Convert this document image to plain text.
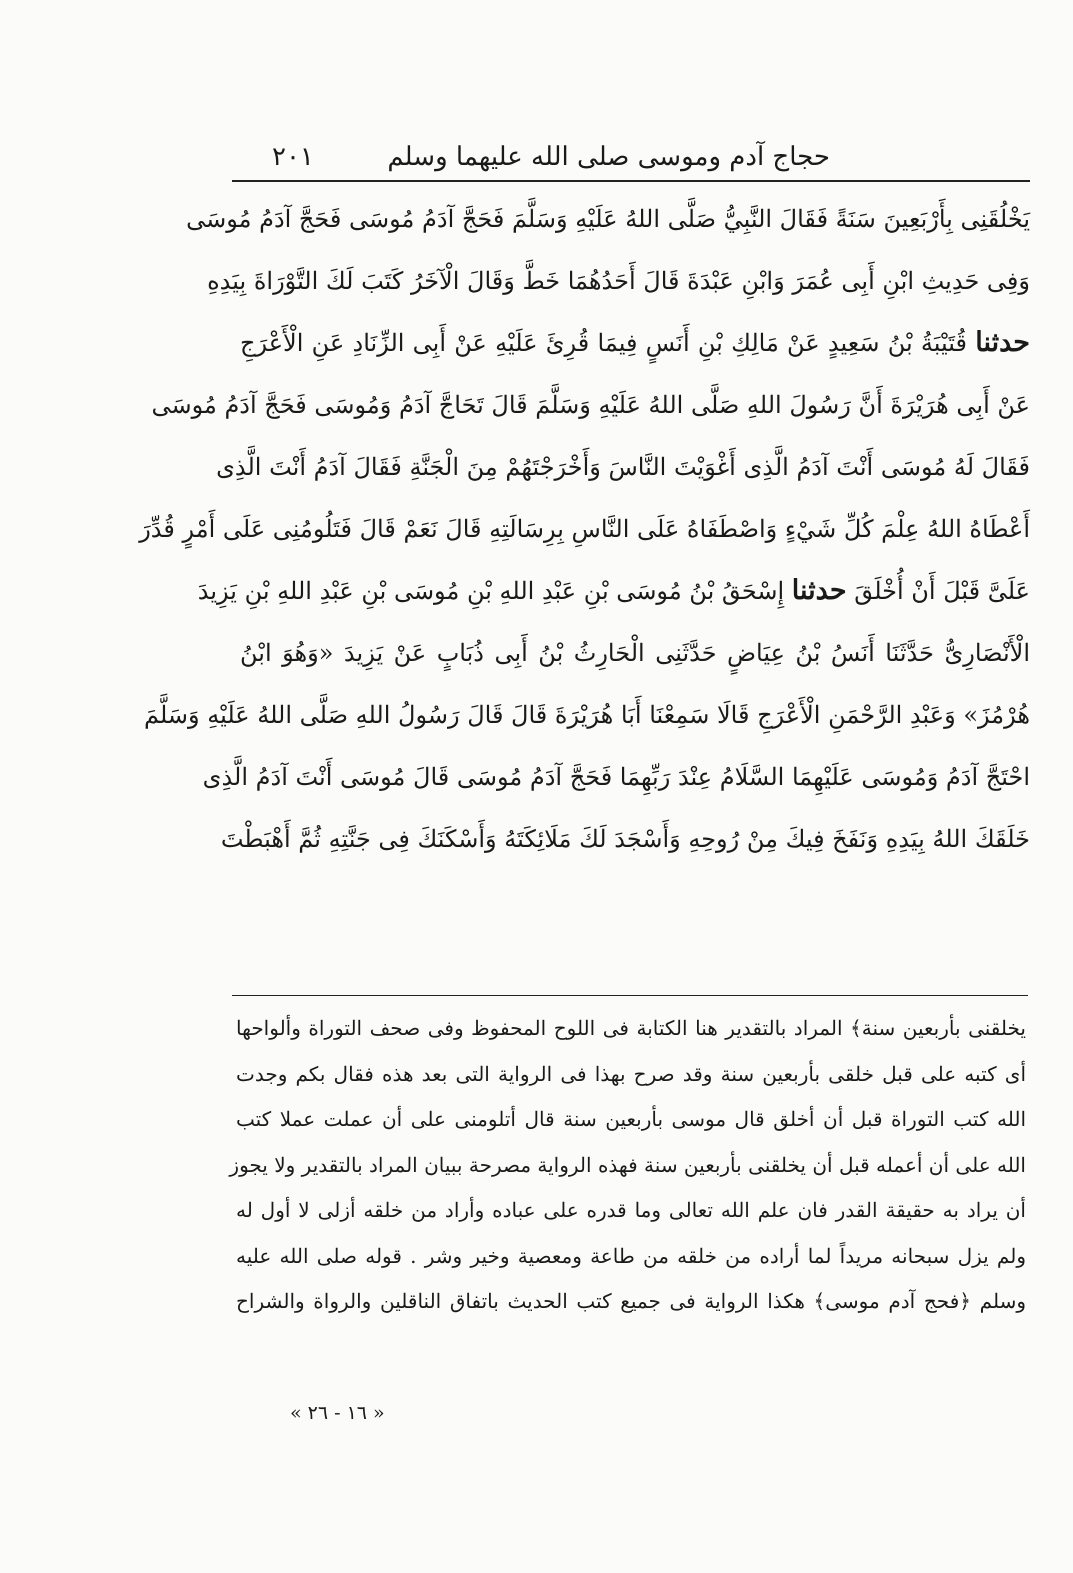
حجاج آدم وموسى صلى الله عليهما وسلم
٢٠١
يَخْلُقَنِى بِأَرْبَعِينَ سَنَةً فَقَالَ النَّبِيُّ صَلَّى اللهُ عَلَيْهِ وَسَلَّمَ فَحَجَّ آدَمُ مُوسَى فَحَجَّ آدَمُ مُوسَى
وَفِى حَدِيثِ ابْنِ أَبِى عُمَرَ وَابْنِ عَبْدَةَ قَالَ أَحَدُهُمَا خَطَّ وَقَالَ الْآخَرُ كَتَبَ لَكَ التَّوْرَاةَ بِيَدِهِ
حدثنا قُتَيْبَةُ بْنُ سَعِيدٍ عَنْ مَالِكِ بْنِ أَنَسٍ فِيمَا قُرِئَ عَلَيْهِ عَنْ أَبِى الزِّنَادِ عَنِ الْأَعْرَجِ
عَنْ أَبِى هُرَيْرَةَ أَنَّ رَسُولَ اللهِ صَلَّى اللهُ عَلَيْهِ وَسَلَّمَ قَالَ تَحَاجَّ آدَمُ وَمُوسَى فَحَجَّ آدَمُ مُوسَى
فَقَالَ لَهُ مُوسَى أَنْتَ آدَمُ الَّذِى أَغْوَيْتَ النَّاسَ وَأَخْرَجْتَهُمْ مِنَ الْجَنَّةِ فَقَالَ آدَمُ أَنْتَ الَّذِى
أَعْطَاهُ اللهُ عِلْمَ كُلِّ شَيْءٍ وَاصْطَفَاهُ عَلَى النَّاسِ بِرِسَالَتِهِ قَالَ نَعَمْ قَالَ فَتَلُومُنِى عَلَى أَمْرٍ قُدِّرَ
عَلَىَّ قَبْلَ أَنْ أُخْلَقَ حدثنا إِسْحَقُ بْنُ مُوسَى بْنِ عَبْدِ اللهِ بْنِ مُوسَى بْنِ عَبْدِ اللهِ بْنِ يَزِيدَ
الْأَنْصَارِىُّ حَدَّثَنَا أَنَسُ بْنُ عِيَاضٍ حَدَّثَنِى الْحَارِثُ بْنُ أَبِى ذُبَابٍ عَنْ يَزِيدَ «وَهُوَ ابْنُ
هُرْمُزَ» وَعَبْدِ الرَّحْمَنِ الْأَعْرَجِ قَالَا سَمِعْنَا أَبَا هُرَيْرَةَ قَالَ قَالَ رَسُولُ اللهِ صَلَّى اللهُ عَلَيْهِ وَسَلَّمَ
احْتَجَّ آدَمُ وَمُوسَى عَلَيْهِمَا السَّلَامُ عِنْدَ رَبِّهِمَا فَحَجَّ آدَمُ مُوسَى قَالَ مُوسَى أَنْتَ آدَمُ الَّذِى
خَلَقَكَ اللهُ بِيَدِهِ وَنَفَخَ فِيكَ مِنْ رُوحِهِ وَأَسْجَدَ لَكَ مَلَائِكَتَهُ وَأَسْكَنَكَ فِى جَنَّتِهِ ثُمَّ أَهْبَطْتَ
يخلقنى بأربعين سنة﴾ المراد بالتقدير هنا الكتابة فى اللوح المحفوظ وفى صحف التوراة وألواحها
أى كتبه على قبل خلقى بأربعين سنة وقد صرح بهذا فى الرواية التى بعد هذه فقال بكم وجدت
الله كتب التوراة قبل أن أخلق قال موسى بأربعين سنة قال أتلومنى على أن عملت عملا كتب
الله على أن أعمله قبل أن يخلقنى بأربعين سنة فهذه الرواية مصرحة ببيان المراد بالتقدير ولا يجوز
أن يراد به حقيقة القدر فان علم الله تعالى وما قدره على عباده وأراد من خلقه أزلى لا أول له
ولم يزل سبحانه مريداً لما أراده من خلقه من طاعة ومعصية وخير وشر . قوله صلى الله عليه
وسلم ﴿فحج آدم موسى﴾ هكذا الرواية فى جميع كتب الحديث باتفاق الناقلين والرواة والشراح
« ١٦ - ٢٦ »
